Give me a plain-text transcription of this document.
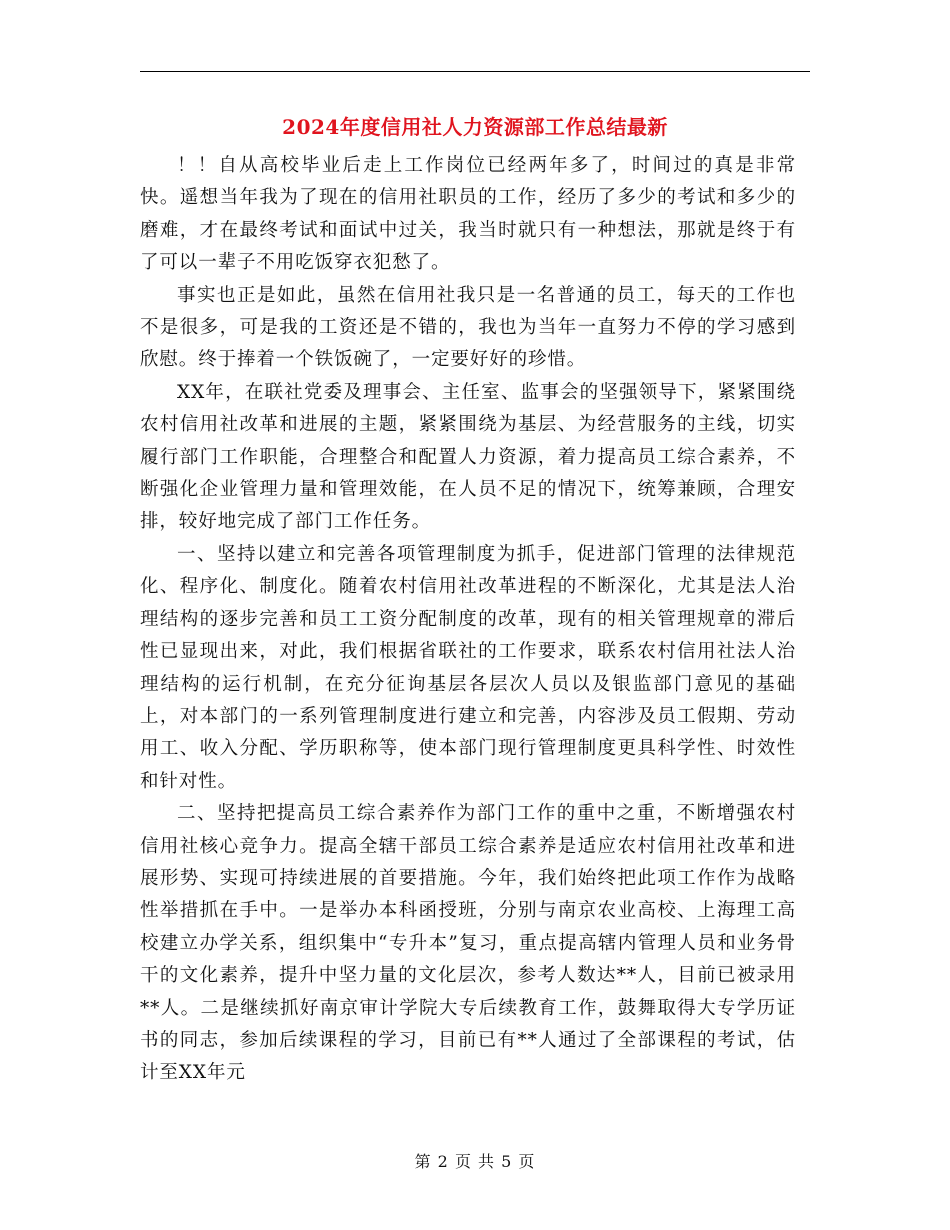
2024年度信用社人力资源部工作总结最新

！！自从高校毕业后走上工作岗位已经两年多了，时间过的真是非常快。遥想当年我为了现在的信用社职员的工作，经历了多少的考试和多少的磨难，才在最终考试和面试中过关，我当时就只有一种想法，那就是终于有了可以一辈子不用吃饭穿衣犯愁了。

事实也正是如此，虽然在信用社我只是一名普通的员工，每天的工作也不是很多，可是我的工资还是不错的，我也为当年一直努力不停的学习感到欣慰。终于捧着一个铁饭碗了，一定要好好的珍惜。

XX年，在联社党委及理事会、主任室、监事会的坚强领导下，紧紧围绕农村信用社改革和进展的主题，紧紧围绕为基层、为经营服务的主线，切实履行部门工作职能，合理整合和配置人力资源，着力提高员工综合素养，不断强化企业管理力量和管理效能，在人员不足的情况下，统筹兼顾，合理安排，较好地完成了部门工作任务。

一、坚持以建立和完善各项管理制度为抓手，促进部门管理的法律规范化、程序化、制度化。随着农村信用社改革进程的不断深化，尤其是法人治理结构的逐步完善和员工工资分配制度的改革，现有的相关管理规章的滞后性已显现出来，对此，我们根据省联社的工作要求，联系农村信用社法人治理结构的运行机制，在充分征询基层各层次人员以及银监部门意见的基础上，对本部门的一系列管理制度进行建立和完善，内容涉及员工假期、劳动用工、收入分配、学历职称等，使本部门现行管理制度更具科学性、时效性和针对性。

二、坚持把提高员工综合素养作为部门工作的重中之重，不断增强农村信用社核心竞争力。提高全辖干部员工综合素养是适应农村信用社改革和进展形势、实现可持续进展的首要措施。今年，我们始终把此项工作作为战略性举措抓在手中。一是举办本科函授班，分别与南京农业高校、上海理工高校建立办学关系，组织集中“专升本”复习，重点提高辖内管理人员和业务骨干的文化素养，提升中坚力量的文化层次，参考人数达**人，目前已被录用**人。二是继续抓好南京审计学院大专后续教育工作，鼓舞取得大专学历证书的同志，参加后续课程的学习，目前已有**人通过了全部课程的考试，估计至XX年元

第 2 页 共 5 页
